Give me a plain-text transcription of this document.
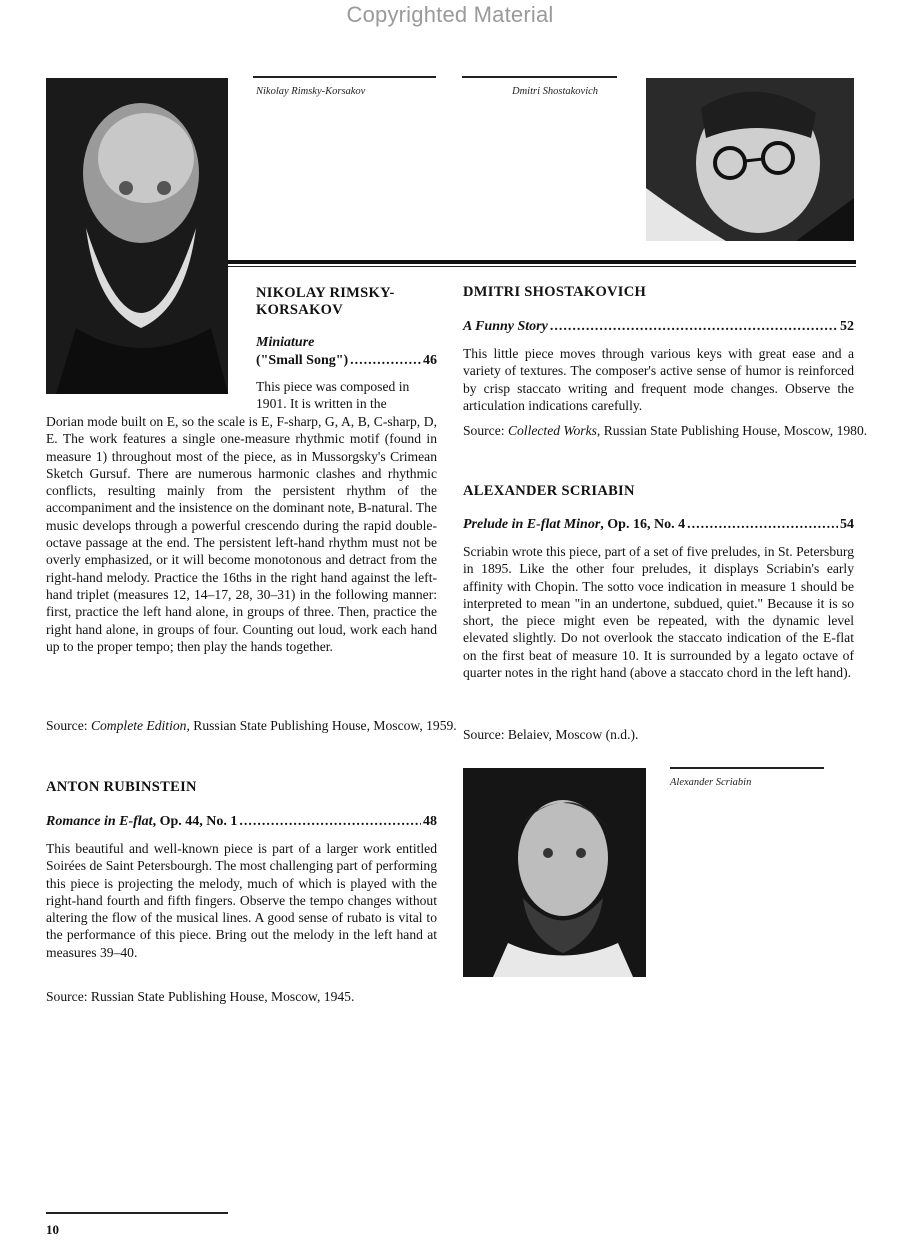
Copyrighted Material
Nikolay Rimsky-Korsakov	Dmitri Shostakovich
NIKOLAY RIMSKY-
KORSAKOV
Miniature
("Small Song") .....	46
This piece was composed in
1901. It is written in the
Dorian mode built on E, so the scale is E, F-sharp, G, A, B, C-sharp, D, E. The work features a single one-measure rhythmic motif (found in measure 1) throughout most of the piece, as in Mussorgsky's Crimean Sketch Gursuf. There are numerous harmonic clashes and rhythmic conflicts, resulting mainly from the persistent rhythm of the accompaniment and the insistence on the dominant note, B-natural. The music develops through a powerful crescendo during the rapid double-octave passage at the end. The persistent left-hand rhythm must not be overly emphasized, or it will become monotonous and detract from the right-hand melody. Practice the 16ths in the right hand against the left-hand triplet (measures 12, 14–17, 28, 30–31) in the following manner: first, practice the left hand alone, in groups of three. Then, practice the right hand alone, in groups of four. Counting out loud, work each hand up to the proper tempo; then play the hands together.
Source: Complete Edition, Russian State Publishing House, Moscow, 1959.
ANTON RUBINSTEIN
Romance in E-flat, Op. 44, No. 1 .....	48
This beautiful and well-known piece is part of a larger work entitled Soirées de Saint Petersbourgh. The most challenging part of performing this piece is projecting the melody, much of which is played with the right-hand fourth and fifth fingers. Observe the tempo changes without altering the flow of the musical lines. A good sense of rubato is vital to the performance of this piece. Bring out the melody in the left hand at measures 39–40.
Source: Russian State Publishing House, Moscow, 1945.
DMITRI SHOSTAKOVICH
A Funny Story .....	52
This little piece moves through various keys with great ease and a variety of textures. The composer's active sense of humor is reinforced by crisp staccato writing and frequent mode changes. Observe the articulation indications carefully.
Source: Collected Works, Russian State Publishing House, Moscow, 1980.
ALEXANDER SCRIABIN
Prelude in E-flat Minor, Op. 16, No. 4 .....	54
Scriabin wrote this piece, part of a set of five preludes, in St. Petersburg in 1895. Like the other four preludes, it displays Scriabin's early affinity with Chopin. The sotto voce indication in measure 1 should be interpreted to mean "in an undertone, subdued, quiet." Because it is so short, the piece might even be repeated, with the dynamic level elevated slightly. Do not overlook the staccato indication of the E-flat on the first beat of measure 10. It is surrounded by a legato octave of quarter notes in the right hand (above a staccato chord in the left hand).
Source: Belaiev, Moscow (n.d.).
Alexander Scriabin
10
